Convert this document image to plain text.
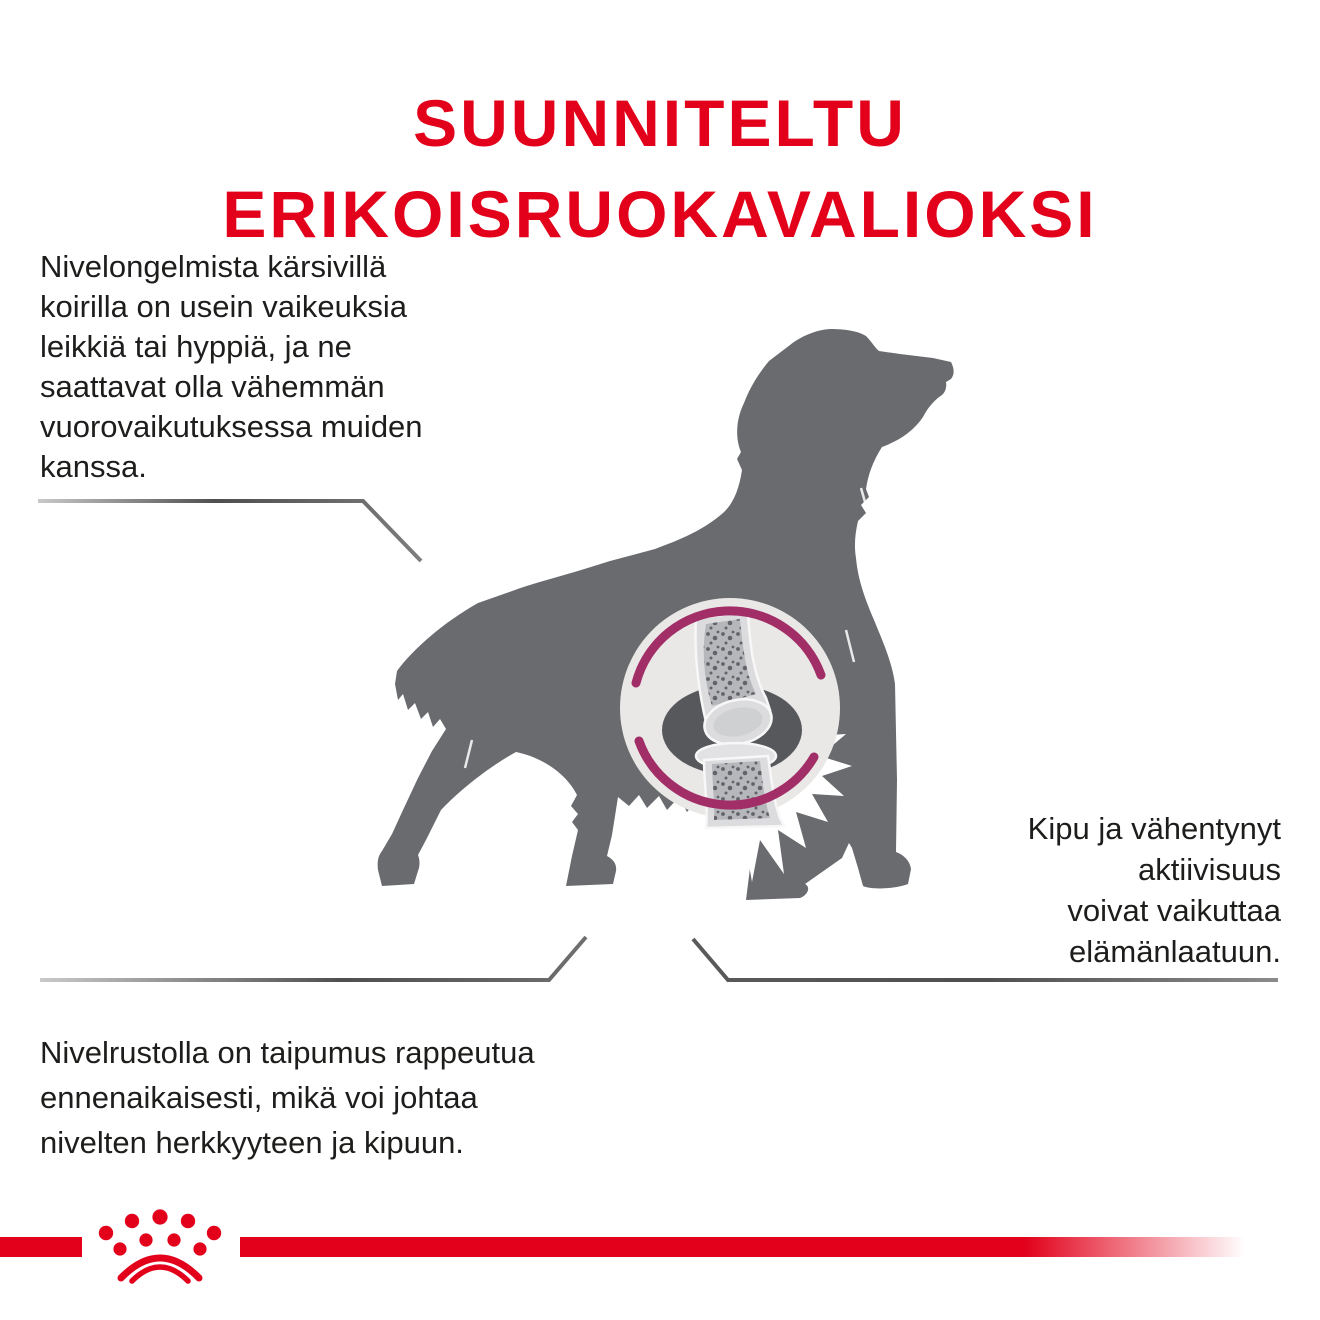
SUUNNITELTU
ERIKOISRUOKAVALIOKSI
Nivelongelmista kärsivillä
koirilla on usein vaikeuksia
leikkiä tai hyppiä, ja ne
saattavat olla vähemmän
vuorovaikutuksessa muiden
kanssa.
Kipu ja vähentynyt
aktiivisuus
voivat vaikuttaa
elämänlaatuun.
Nivelrustolla on taipumus rappeutua
ennenaikaisesti, mikä voi johtaa
nivelten herkkyyteen ja kipuun.
